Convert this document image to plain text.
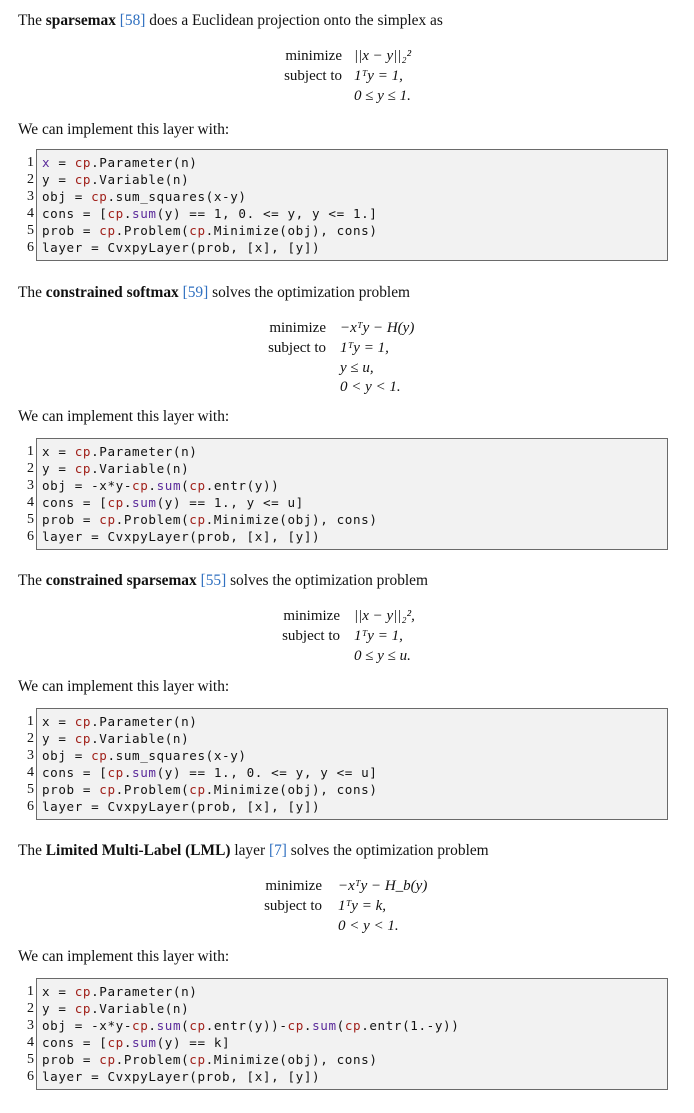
The sparsemax [58] does a Euclidean projection onto the simplex as

minimize ||x − y||₂²
subject to 1ᵀy = 1,
0 ≤ y ≤ 1.

We can implement this layer with:

x = cp.Parameter(n)
y = cp.Variable(n)
obj = cp.sum_squares(x-y)
cons = [cp.sum(y) == 1, 0. <= y, y <= 1.]
prob = cp.Problem(cp.Minimize(obj), cons)
layer = CvxpyLayer(prob, [x], [y])
1
2
3
4
5
6

The constrained softmax [59] solves the optimization problem

minimize −xᵀy − H(y)
subject to 1ᵀy = 1,
y ≤ u,
0 < y < 1.

We can implement this layer with:

x = cp.Parameter(n)
y = cp.Variable(n)
obj = -x*y-cp.sum(cp.entr(y))
cons = [cp.sum(y) == 1., y <= u]
prob = cp.Problem(cp.Minimize(obj), cons)
layer = CvxpyLayer(prob, [x], [y])
1
2
3
4
5
6

The constrained sparsemax [55] solves the optimization problem

minimize ||x − y||₂²,
subject to 1ᵀy = 1,
0 ≤ y ≤ u.

We can implement this layer with:

x = cp.Parameter(n)
y = cp.Variable(n)
obj = cp.sum_squares(x-y)
cons = [cp.sum(y) == 1., 0. <= y, y <= u]
prob = cp.Problem(cp.Minimize(obj), cons)
layer = CvxpyLayer(prob, [x], [y])
1
2
3
4
5
6

The Limited Multi-Label (LML) layer [7] solves the optimization problem

minimize −xᵀy − H_b(y)
subject to 1ᵀy = k,
0 < y < 1.

We can implement this layer with:

x = cp.Parameter(n)
y = cp.Variable(n)
obj = -x*y-cp.sum(cp.entr(y))-cp.sum(cp.entr(1.-y))
cons = [cp.sum(y) == k]
prob = cp.Problem(cp.Minimize(obj), cons)
layer = CvxpyLayer(prob, [x], [y])
1
2
3
4
5
6
